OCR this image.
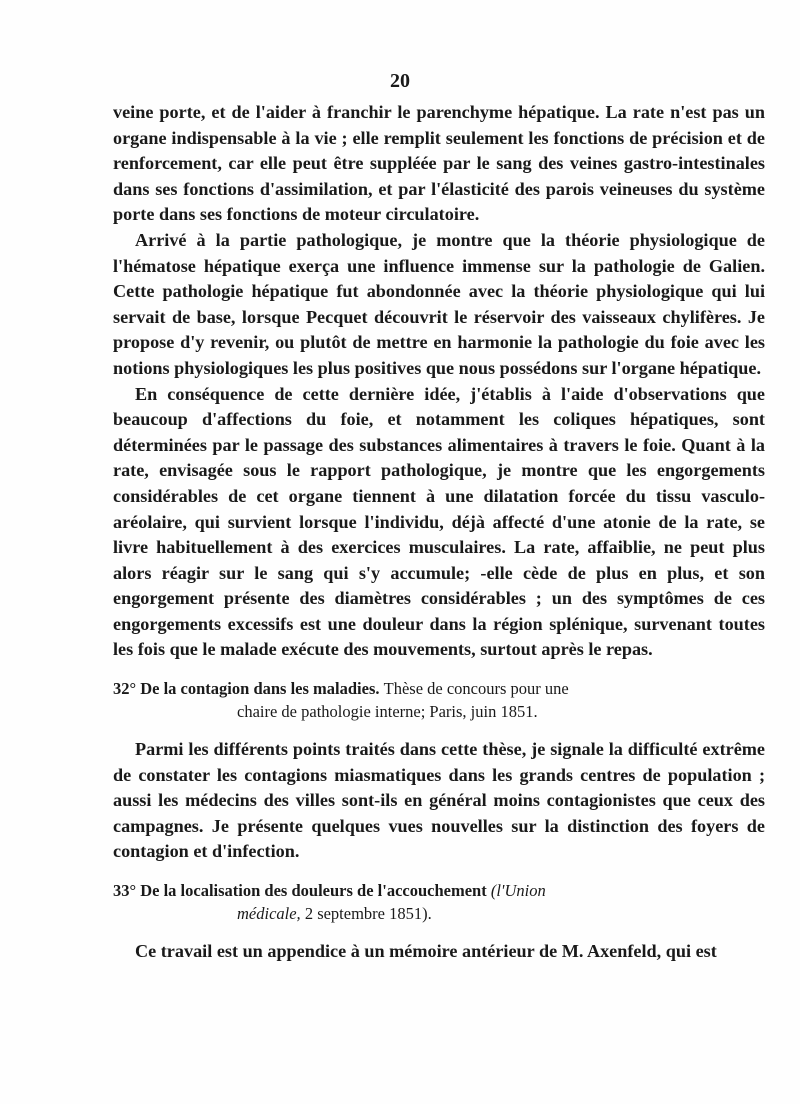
20

veine porte, et de l'aider à franchir le parenchyme hépatique. La rate n'est pas un organe indispensable à la vie ; elle remplit seulement les fonctions de précision et de renforcement, car elle peut être suppléée par le sang des veines gastro-intestinales dans ses fonctions d'assimilation, et par l'élasticité des parois veineuses du système porte dans ses fonctions de moteur circulatoire.

Arrivé à la partie pathologique, je montre que la théorie physiologique de l'hématose hépatique exerça une influence immense sur la pathologie de Galien. Cette pathologie hépatique fut abondonnée avec la théorie physiologique qui lui servait de base, lorsque Pecquet découvrit le réservoir des vaisseaux chylifères. Je propose d'y revenir, ou plutôt de mettre en harmonie la pathologie du foie avec les notions physiologiques les plus positives que nous possédons sur l'organe hépatique.

En conséquence de cette dernière idée, j'établis à l'aide d'observations que beaucoup d'affections du foie, et notamment les coliques hépatiques, sont déterminées par le passage des substances alimentaires à travers le foie. Quant à la rate, envisagée sous le rapport pathologique, je montre que les engorgements considérables de cet organe tiennent à une dilatation forcée du tissu vasculo-aréolaire, qui survient lorsque l'individu, déjà affecté d'une atonie de la rate, se livre habituellement à des exercices musculaires. La rate, affaiblie, ne peut plus alors réagir sur le sang qui s'y accumule; -elle cède de plus en plus, et son engorgement présente des diamètres considérables ; un des symptômes de ces engorgements excessifs est une douleur dans la région splénique, survenant toutes les fois que le malade exécute des mouvements, surtout après le repas.

32° De la contagion dans les maladies. Thèse de concours pour une
chaire de pathologie interne; Paris, juin 1851.

Parmi les différents points traités dans cette thèse, je signale la difficulté extrême de constater les contagions miasmatiques dans les grands centres de population ; aussi les médecins des villes sont-ils en général moins contagionistes que ceux des campagnes. Je présente quelques vues nouvelles sur la distinction des foyers de contagion et d'infection.

33° De la localisation des douleurs de l'accouchement (l'Union
médicale, 2 septembre 1851).

Ce travail est un appendice à un mémoire antérieur de M. Axenfeld, qui est
